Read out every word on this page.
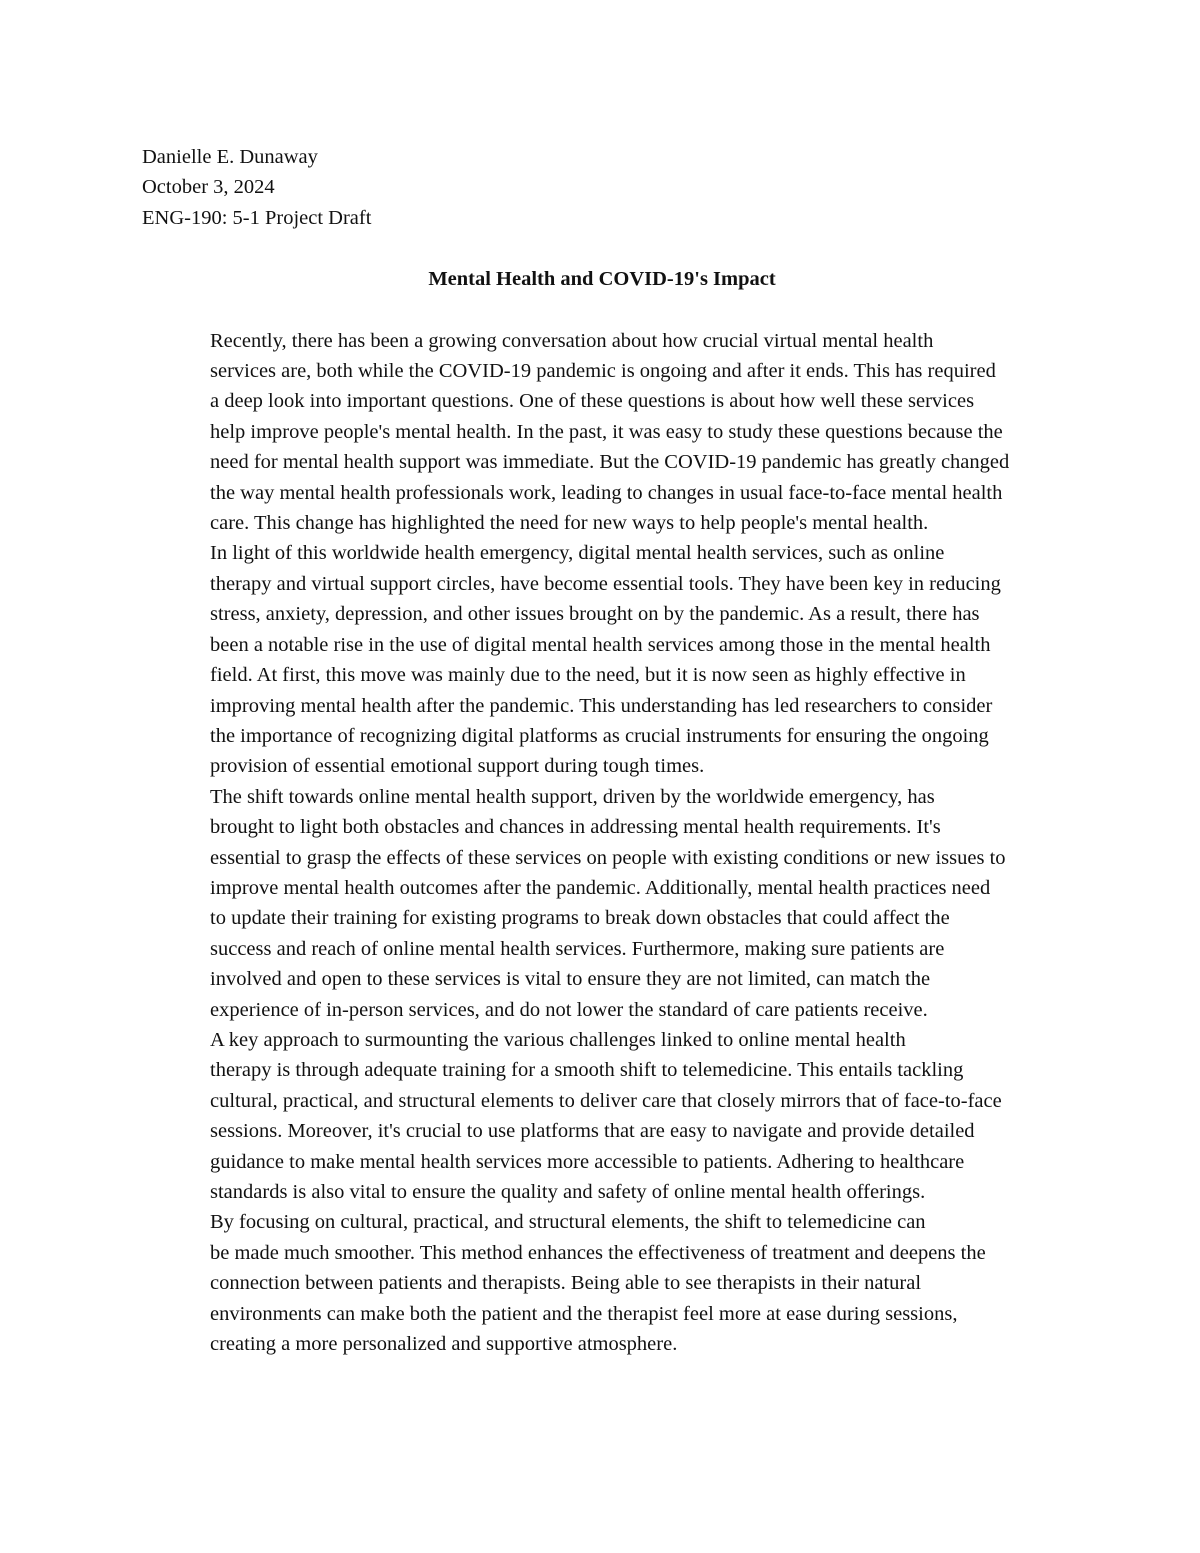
Danielle E. Dunaway

October 3, 2024

ENG-190: 5-1 Project Draft

Mental Health and COVID-19's Impact

Recently, there has been a growing conversation about how crucial virtual mental health
services are, both while the COVID-19 pandemic is ongoing and after it ends. This has required
a deep look into important questions. One of these questions is about how well these services
help improve people's mental health. In the past, it was easy to study these questions because the
need for mental health support was immediate. But the COVID-19 pandemic has greatly changed
the way mental health professionals work, leading to changes in usual face-to-face mental health
care. This change has highlighted the need for new ways to help people's mental health.

In light of this worldwide health emergency, digital mental health services, such as online
therapy and virtual support circles, have become essential tools. They have been key in reducing
stress, anxiety, depression, and other issues brought on by the pandemic. As a result, there has
been a notable rise in the use of digital mental health services among those in the mental health
field. At first, this move was mainly due to the need, but it is now seen as highly effective in
improving mental health after the pandemic. This understanding has led researchers to consider
the importance of recognizing digital platforms as crucial instruments for ensuring the ongoing
provision of essential emotional support during tough times.

The shift towards online mental health support, driven by the worldwide emergency, has
brought to light both obstacles and chances in addressing mental health requirements. It's
essential to grasp the effects of these services on people with existing conditions or new issues to
improve mental health outcomes after the pandemic. Additionally, mental health practices need
to update their training for existing programs to break down obstacles that could affect the
success and reach of online mental health services. Furthermore, making sure patients are
involved and open to these services is vital to ensure they are not limited, can match the
experience of in-person services, and do not lower the standard of care patients receive.

A key approach to surmounting the various challenges linked to online mental health
therapy is through adequate training for a smooth shift to telemedicine. This entails tackling
cultural, practical, and structural elements to deliver care that closely mirrors that of face-to-face
sessions. Moreover, it's crucial to use platforms that are easy to navigate and provide detailed
guidance to make mental health services more accessible to patients. Adhering to healthcare
standards is also vital to ensure the quality and safety of online mental health offerings.

By focusing on cultural, practical, and structural elements, the shift to telemedicine can
be made much smoother. This method enhances the effectiveness of treatment and deepens the
connection between patients and therapists. Being able to see therapists in their natural
environments can make both the patient and the therapist feel more at ease during sessions,
creating a more personalized and supportive atmosphere.
